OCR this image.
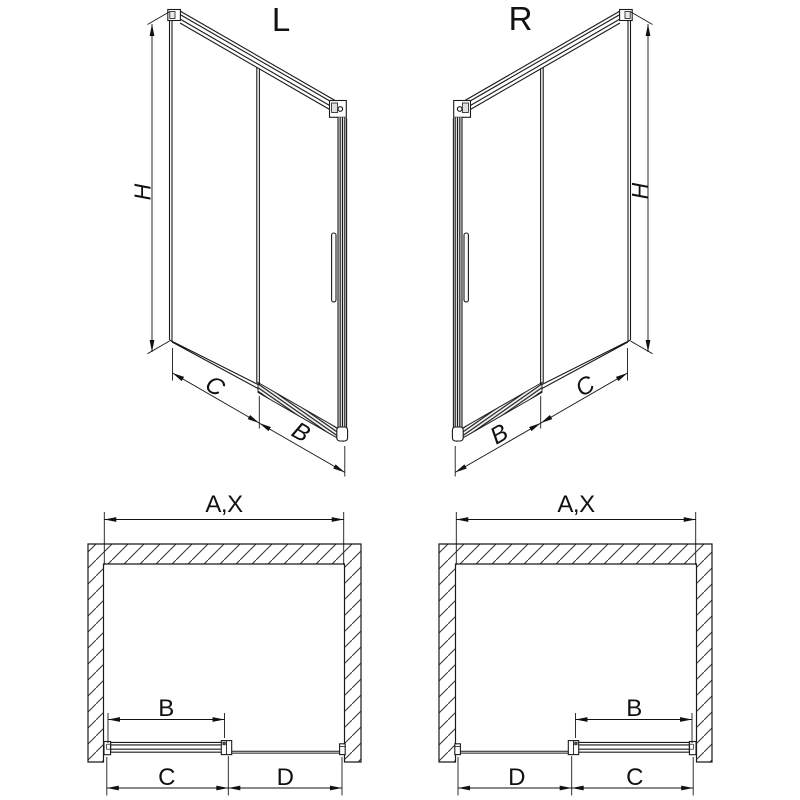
L
H
C
B
R
H
C
B
A,X
B
C	D
A,X
B
D	C
